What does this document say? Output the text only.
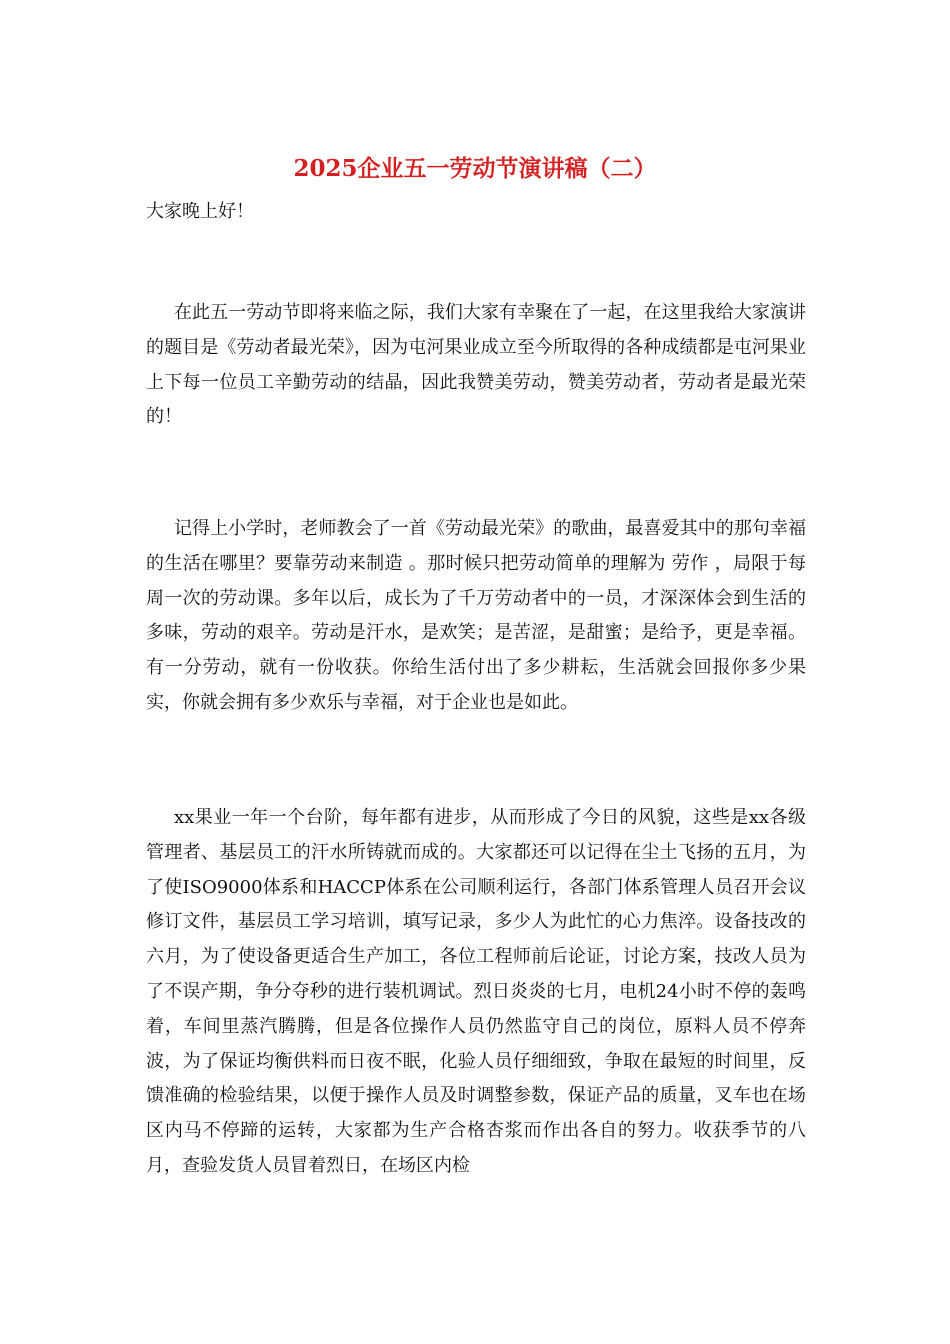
2025企业五一劳动节演讲稿（二）

大家晚上好！

在此五一劳动节即将来临之际，我们大家有幸聚在了一起，在这里我给大家演讲的题目是《劳动者最光荣》，因为屯河果业成立至今所取得的各种成绩都是屯河果业上下每一位员工辛勤劳动的结晶，因此我赞美劳动，赞美劳动者，劳动者是最光荣的！

记得上小学时，老师教会了一首《劳动最光荣》的歌曲，最喜爱其中的那句幸福的生活在哪里？要靠劳动来制造 。那时候只把劳动简单的理解为 劳作 ，局限于每周一次的劳动课。多年以后，成长为了千万劳动者中的一员，才深深体会到生活的多味，劳动的艰辛。劳动是汗水，是欢笑；是苦涩，是甜蜜；是给予，更是幸福。有一分劳动，就有一份收获。你给生活付出了多少耕耘，生活就会回报你多少果实，你就会拥有多少欢乐与幸福，对于企业也是如此。

xx果业一年一个台阶，每年都有进步，从而形成了今日的风貌，这些是xx各级管理者、基层员工的汗水所铸就而成的。大家都还可以记得在尘土飞扬的五月，为了使ISO9000体系和HACCP体系在公司顺利运行，各部门体系管理人员召开会议修订文件，基层员工学习培训，填写记录，多少人为此忙的心力焦淬。设备技改的六月，为了使设备更适合生产加工，各位工程师前后论证，讨论方案，技改人员为了不误产期，争分夺秒的进行装机调试。烈日炎炎的七月，电机24小时不停的轰鸣着，车间里蒸汽腾腾，但是各位操作人员仍然监守自己的岗位，原料人员不停奔波，为了保证均衡供料而日夜不眠，化验人员仔细细致，争取在最短的时间里，反馈准确的检验结果，以便于操作人员及时调整参数，保证产品的质量，叉车也在场区内马不停蹄的运转，大家都为生产合格杏浆而作出各自的努力。收获季节的八月，查验发货人员冒着烈日，在场区内检
